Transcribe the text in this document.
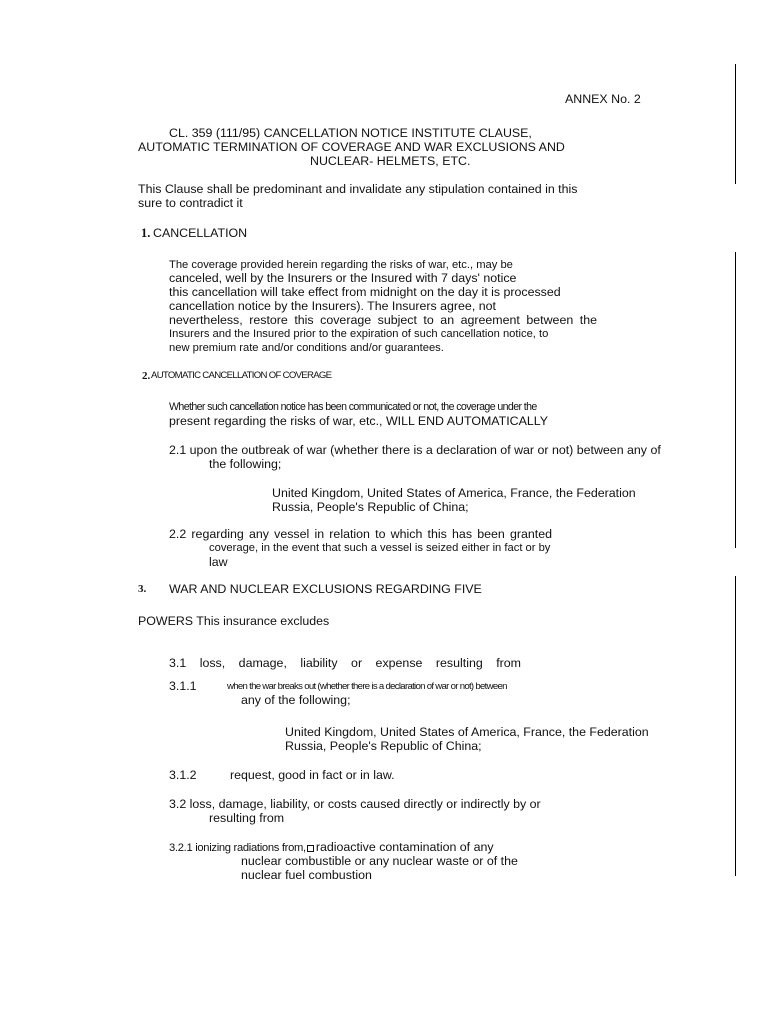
ANNEX No. 2
CL. 359 (111/95) CANCELLATION NOTICE INSTITUTE CLAUSE,
AUTOMATIC TERMINATION OF COVERAGE AND WAR EXCLUSIONS AND
NUCLEAR- HELMETS, ETC.
This Clause shall be predominant and invalidate any stipulation contained in this
sure to contradict it
1. CANCELLATION
The coverage provided herein regarding the risks of war, etc., may be
canceled, well by the Insurers or the Insured with 7 days' notice
this cancellation will take effect from midnight on the day it is processed
cancellation notice by the Insurers). The Insurers agree, not
nevertheless, restore this coverage subject to an agreement between the
Insurers and the Insured prior to the expiration of such cancellation notice, to
new premium rate and/or conditions and/or guarantees.
2. AUTOMATIC CANCELLATION OF COVERAGE
Whether such cancellation notice has been communicated or not, the coverage under the
present regarding the risks of war, etc., WILL END AUTOMATICALLY
2.1 upon the outbreak of war (whether there is a declaration of war or not) between any of
the following;
United Kingdom, United States of America, France, the Federation
Russia, People's Republic of China;
2.2 regarding any vessel in relation to which this has been granted
coverage, in the event that such a vessel is seized either in fact or by
law
3. WAR AND NUCLEAR EXCLUSIONS REGARDING FIVE
POWERS This insurance excludes
3.1 loss, damage, liability or expense resulting from
3.1.1	when the war breaks out (whether there is a declaration of war or not) between
any of the following;
United Kingdom, United States of America, France, the Federation
Russia, People's Republic of China;
3.1.2	request, good in fact or in law.
3.2 loss, damage, liability, or costs caused directly or indirectly by or
resulting from
3.2.1 ionizing radiations from, radioactive contamination of any
nuclear combustible or any nuclear waste or of the
nuclear fuel combustion
